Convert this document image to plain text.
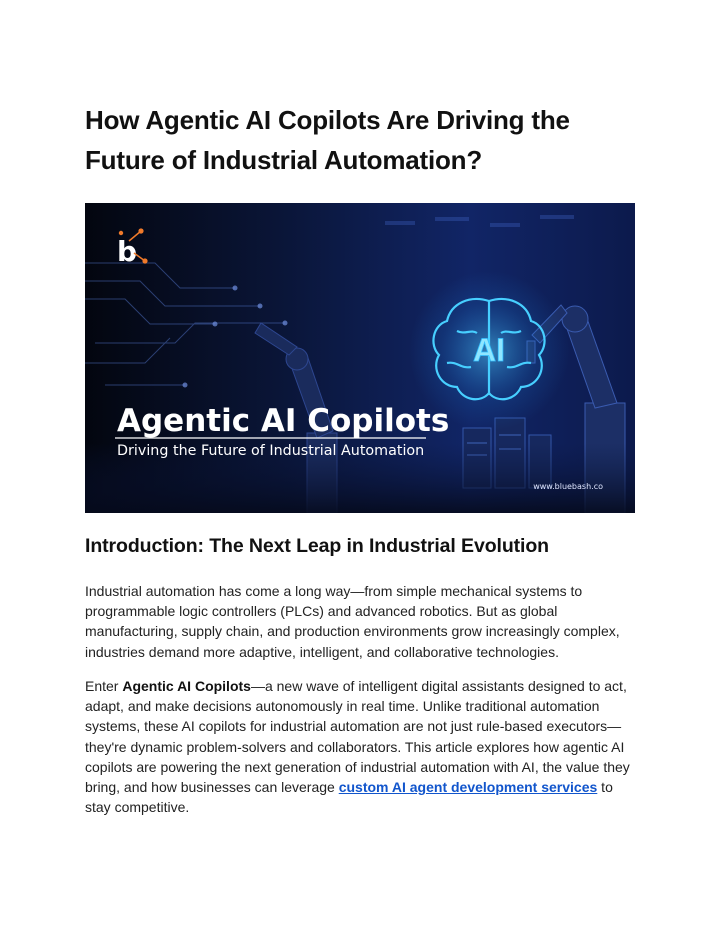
How Agentic AI Copilots Are Driving the
Future of Industrial Automation?
AI
b
Agentic AI Copilots
Driving the Future of Industrial Automation
www.bluebash.co
Introduction: The Next Leap in Industrial Evolution

Industrial automation has come a long way—from simple mechanical systems to programmable logic controllers (PLCs) and advanced robotics. But as global manufacturing, supply chain, and production environments grow increasingly complex, industries demand more adaptive, intelligent, and collaborative technologies.

Enter Agentic AI Copilots—a new wave of intelligent digital assistants designed to act, adapt, and make decisions autonomously in real time. Unlike traditional automation systems, these AI copilots for industrial automation are not just rule-based executors—they're dynamic problem-solvers and collaborators. This article explores how agentic AI copilots are powering the next generation of industrial automation with AI, the value they bring, and how businesses can leverage custom AI agent development services to stay competitive.
